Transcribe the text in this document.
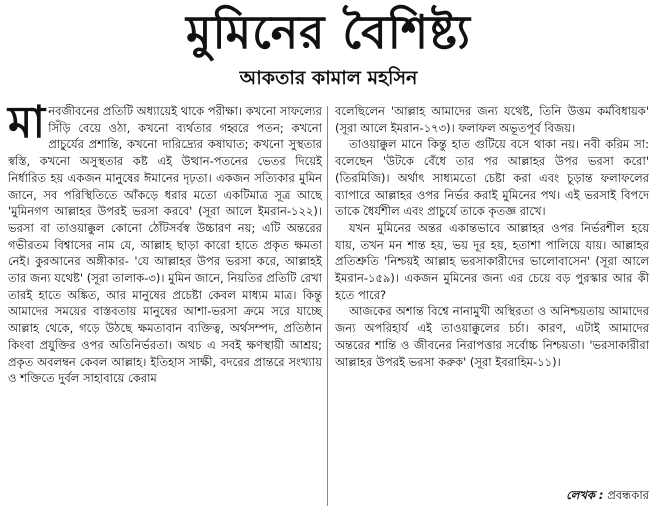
মুমিনের বৈশিষ্ট্য
আকতার কামাল মহসিন

মানবজীবনের প্রতিটি অধ্যায়েই থাকে পরীক্ষা। কখনো সাফল্যের সিঁড়ি বেয়ে ওঠা, কখনো ব্যর্থতার গহ্বরে পতন; কখনো প্রাচুর্যের প্রশান্তি, কখনো দারিদ্র্যের কষাঘাত; কখনো সুস্থতার স্বস্তি, কখনো অসুস্থতার কষ্ট এই উত্থান-পতনের ভেতর দিয়েই নির্ধারিত হয় একজন মানুষের ঈমানের দৃঢ়তা। একজন সত্যিকার মুমিন জানে, সব পরিস্থিতিতে আঁকড়ে ধরার মতো একটিমাত্র সূত্র আছে 'মুমিনগণ আল্লাহর উপরই ভরসা করবে' (সূরা আলে ইমরান-১২২)। ভরসা বা তাওয়াক্কুল কোনো ঠোঁটসর্বস্ব উচ্চারণ নয়; এটি অন্তরের গভীরতম বিশ্বাসের নাম যে, আল্লাহ ছাড়া কারো হাতে প্রকৃত ক্ষমতা নেই। কুরআনের অঙ্গীকার- 'যে আল্লাহর উপর ভরসা করে, আল্লাহই তার জন্য যথেষ্ট' (সূরা তালাক-৩)। মুমিন জানে, নিয়তির প্রতিটি রেখা তারই হাতে অঙ্কিত, আর মানুষের প্রচেষ্টা কেবল মাধ্যম মাত্র। কিন্তু আমাদের সময়ের বাস্তবতায় মানুষের আশা-ভরসা ক্রমে সরে যাচ্ছে আল্লাহ থেকে, গড়ে উঠছে ক্ষমতাবান ব্যক্তিত্ব, অর্থসম্পদ, প্রতিষ্ঠান কিংবা প্রযুক্তির ওপর অতিনির্ভরতা। অথচ এ সবই ক্ষণস্থায়ী আশ্রয়; প্রকৃত অবলম্বন কেবল আল্লাহ। ইতিহাস সাক্ষী, বদরের প্রান্তরে সংখ্যায় ও শক্তিতে দুর্বল সাহাবায়ে কেরাম

বলেছিলেন 'আল্লাহ আমাদের জন্য যথেষ্ট, তিনি উত্তম কর্মবিধায়ক' (সূরা আলে ইমরান-১৭৩)। ফলাফল অভূতপূর্ব বিজয়।

তাওয়াক্কুল মানে কিন্তু হাত গুটিয়ে বসে থাকা নয়। নবী করিম সা: বলেছেন 'উটকে বেঁধে তার পর আল্লাহর উপর ভরসা করো' (তিরমিজি)। অর্থাৎ সাধ্যমতো চেষ্টা করা এবং চূড়ান্ত ফলাফলের ব্যাপারে আল্লাহর ওপর নির্ভর করাই মুমিনের পথ। এই ভরসাই বিপদে তাকে ধৈর্যশীল এবং প্রাচুর্যে তাকে কৃতজ্ঞ রাখে।

যখন মুমিনের অন্তর একান্তভাবে আল্লাহর ওপর নির্ভরশীল হয়ে যায়, তখন মন শান্ত হয়, ভয় দূর হয়, হতাশা পালিয়ে যায়। আল্লাহর প্রতিশ্রুতি 'নিশ্চয়ই আল্লাহ ভরসাকারীদের ভালোবাসেন' (সূরা আলে ইমরান-১৫৯)। একজন মুমিনের জন্য এর চেয়ে বড় পুরস্কার আর কী হতে পারে?

আজকের অশান্ত বিশ্বে নানামুখী অস্থিরতা ও অনিশ্চয়তায় আমাদের জন্য অপরিহার্য এই তাওয়াক্কুলের চর্চা। কারণ, এটাই আমাদের অন্তরের শান্তি ও জীবনের নিরাপত্তার সর্বোচ্চ নিশ্চয়তা। 'ভরসাকারীরা আল্লাহর উপরই ভরসা করুক' (সূরা ইবরাহিম-১১)।

লেখক : প্রবন্ধকার
